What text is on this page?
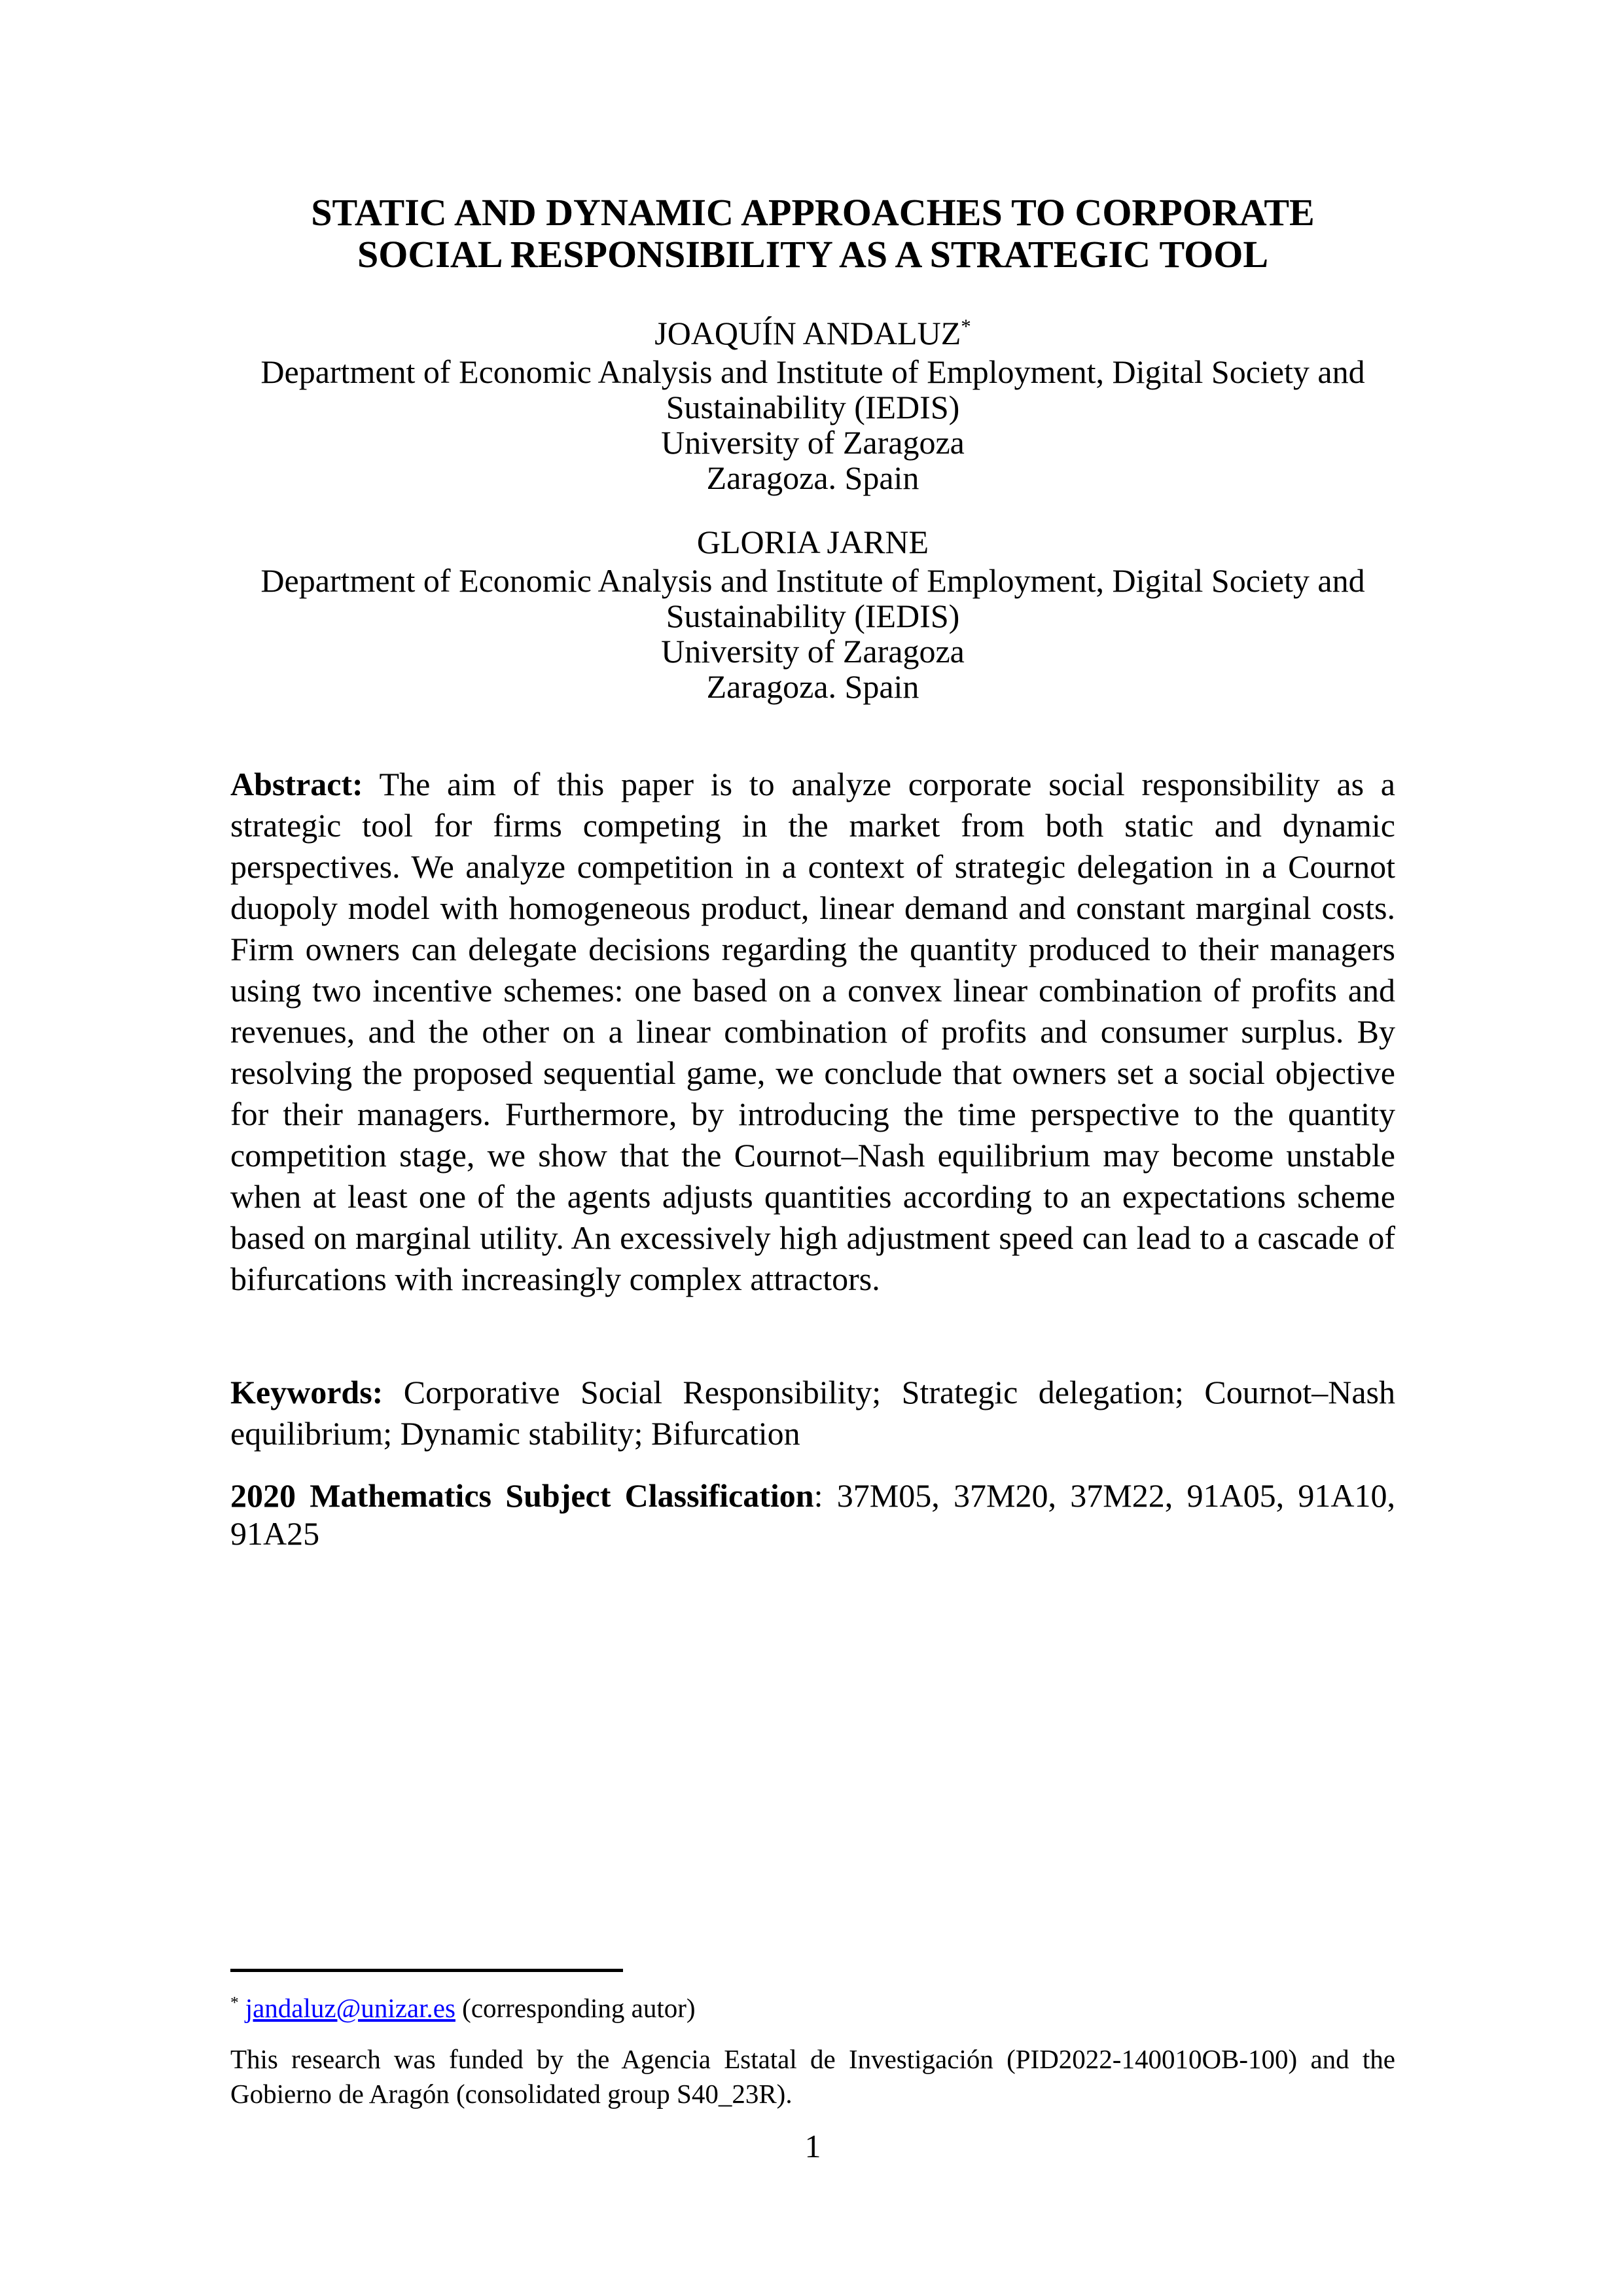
STATIC AND DYNAMIC APPROACHES TO CORPORATE
SOCIAL RESPONSIBILITY AS A STRATEGIC TOOL
JOAQUÍN ANDALUZ*
Department of Economic Analysis and Institute of Employment, Digital Society and
Sustainability (IEDIS)
University of Zaragoza
Zaragoza. Spain
GLORIA JARNE
Department of Economic Analysis and Institute of Employment, Digital Society and
Sustainability (IEDIS)
University of Zaragoza
Zaragoza. Spain
Abstract: The aim of this paper is to analyze corporate social responsibility as a strategic tool for firms competing in the market from both static and dynamic perspectives. We analyze competition in a context of strategic delegation in a Cournot duopoly model with homogeneous product, linear demand and constant marginal costs. Firm owners can delegate decisions regarding the quantity produced to their managers using two incentive schemes: one based on a convex linear combination of profits and revenues, and the other on a linear combination of profits and consumer surplus. By resolving the proposed sequential game, we conclude that owners set a social objective for their managers. Furthermore, by introducing the time perspective to the quantity competition stage, we show that the Cournot–Nash equilibrium may become unstable when at least one of the agents adjusts quantities according to an expectations scheme based on marginal utility. An excessively high adjustment speed can lead to a cascade of bifurcations with increasingly complex attractors.
Keywords: Corporative Social Responsibility; Strategic delegation; Cournot–Nash equilibrium; Dynamic stability; Bifurcation
2020 Mathematics Subject Classification: 37M05, 37M20, 37M22, 91A05, 91A10, 91A25
* jandaluz@unizar.es (corresponding autor)
This research was funded by the Agencia Estatal de Investigación (PID2022-140010OB-100) and the Gobierno de Aragón (consolidated group S40_23R).
1
